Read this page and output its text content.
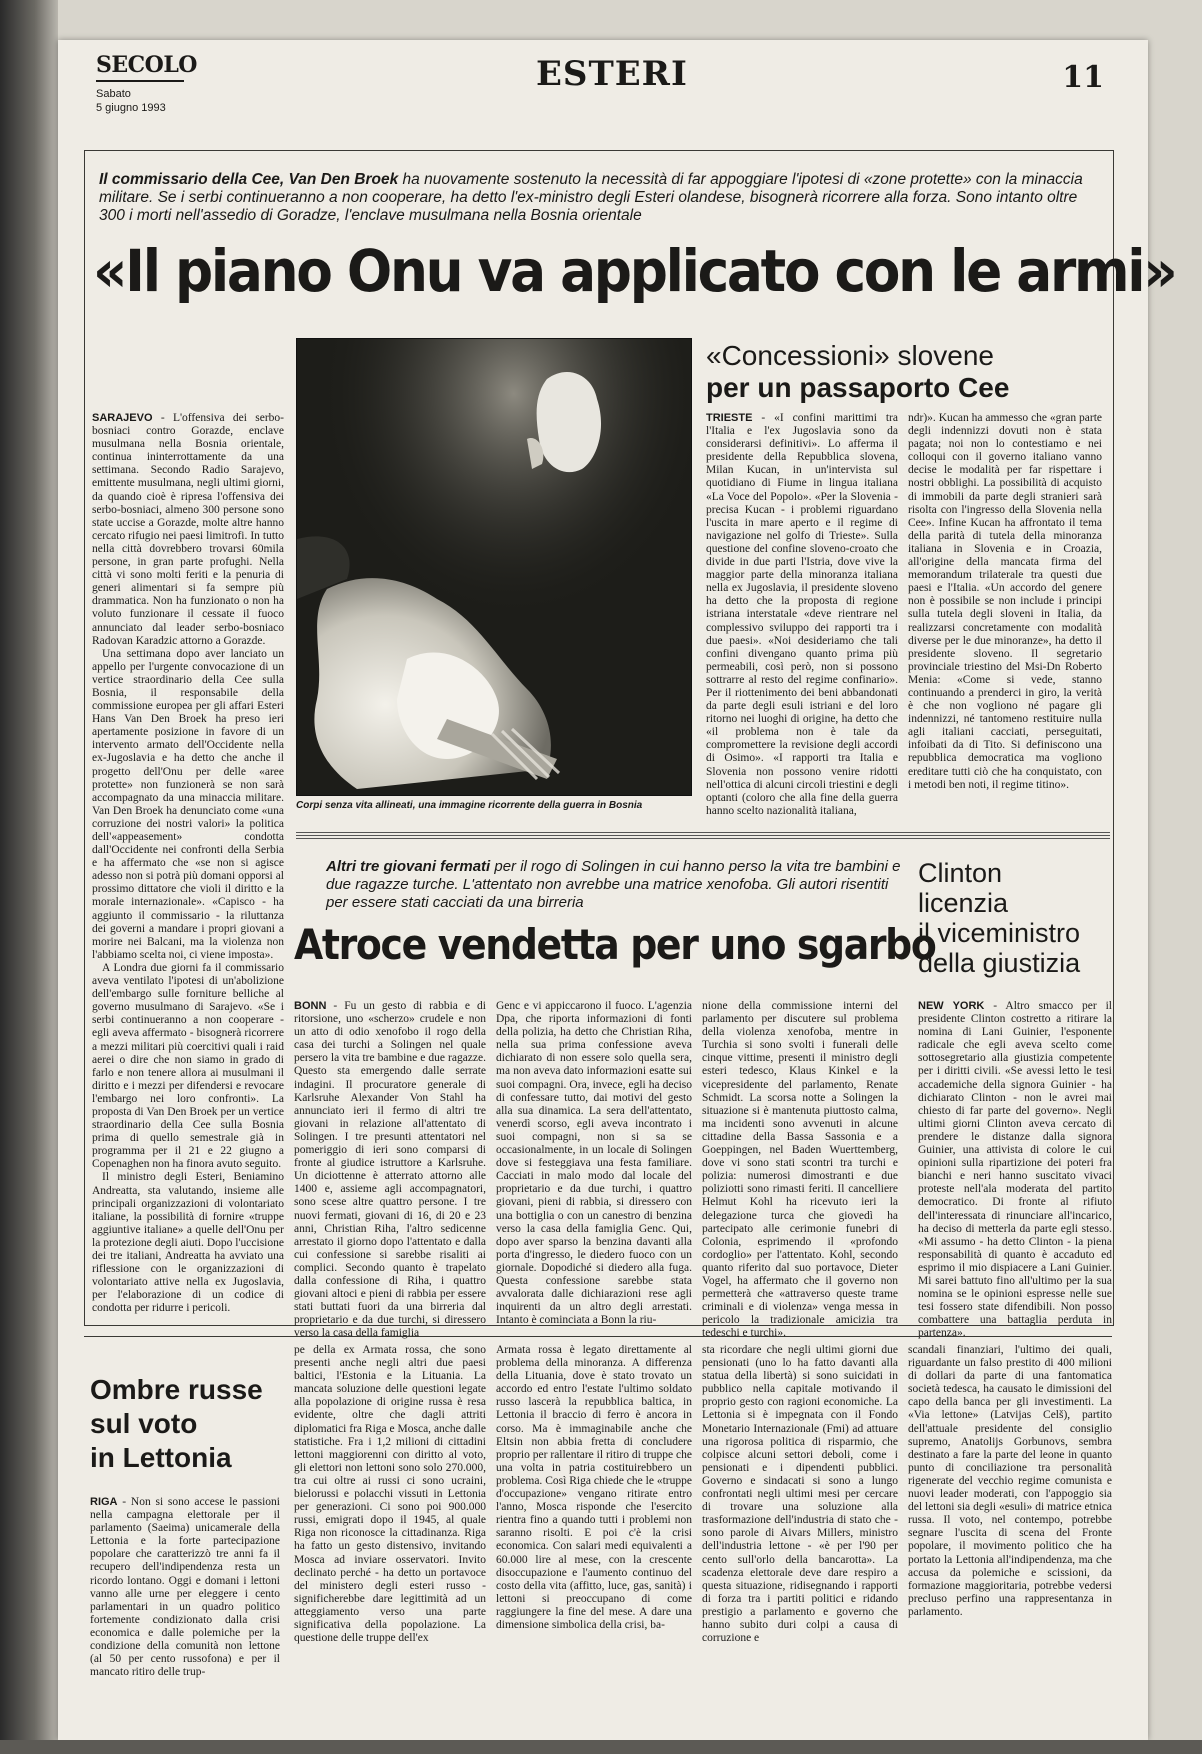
SECOLO
Sabato
5 giugno 1993
ESTERI	11
Il commissario della Cee, Van Den Broek ha nuovamente sostenuto la necessità di far appoggiare l'ipotesi di «zone protette» con la minaccia militare. Se i serbi continueranno a non cooperare, ha detto l'ex-ministro degli Esteri olandese, bisognerà ricorrere alla forza. Sono intanto oltre 300 i morti nell'assedio di Goradze, l'enclave musulmana nella Bosnia orientale
«Il piano Onu va applicato con le armi»

SARAJEVO - L'offensiva dei serbo-bosniaci contro Gorazde, enclave musulmana nella Bosnia orientale, continua ininterrottamente da una settimana. Secondo Radio Sarajevo, emittente musulmana, negli ultimi giorni, da quando cioè è ripresa l'offensiva dei serbo-bosniaci, almeno 300 persone sono state uccise a Gorazde, molte altre hanno cercato rifugio nei paesi limitrofi. In tutto nella città dovrebbero trovarsi 60mila persone, in gran parte profughi. Nella città vi sono molti feriti e la penuria di generi alimentari si fa sempre più drammatica. Non ha funzionato o non ha voluto funzionare il cessate il fuoco annunciato dal leader serbo-bosniaco Radovan Karadzic attorno a Gorazde.

Una settimana dopo aver lanciato un appello per l'urgente convocazione di un vertice straordinario della Cee sulla Bosnia, il responsabile della commissione europea per gli affari Esteri Hans Van Den Broek ha preso ieri apertamente posizione in favore di un intervento armato dell'Occidente nella ex-Jugoslavia e ha detto che anche il progetto dell'Onu per delle «aree protette» non funzionerà se non sarà accompagnato da una minaccia militare. Van Den Broek ha denunciato come «una corruzione dei nostri valori» la politica dell'«appeasement» condotta dall'Occidente nei confronti della Serbia e ha affermato che «se non si agisce adesso non si potrà più domani opporsi al prossimo dittatore che violi il diritto e la morale internazionale». «Capisco - ha aggiunto il commissario - la riluttanza dei governi a mandare i propri giovani a morire nei Balcani, ma la violenza non l'abbiamo scelta noi, ci viene imposta».

A Londra due giorni fa il commissario aveva ventilato l'ipotesi di un'abolizione dell'embargo sulle forniture belliche al governo musulmano di Sarajevo. «Se i serbi continueranno a non cooperare - egli aveva affermato - bisognerà ricorrere a mezzi militari più coercitivi quali i raid aerei o dire che non siamo in grado di farlo e non tenere allora ai musulmani il diritto e i mezzi per difendersi e revocare l'embargo nei loro confronti». La proposta di Van Den Broek per un vertice straordinario della Cee sulla Bosnia prima di quello semestrale già in programma per il 21 e 22 giugno a Copenaghen non ha finora avuto seguito.

Il ministro degli Esteri, Beniamino Andreatta, sta valutando, insieme alle principali organizzazioni di volontariato italiane, la possibilità di fornire «truppe aggiuntive italiane» a quelle dell'Onu per la protezione degli aiuti. Dopo l'uccisione dei tre italiani, Andreatta ha avviato una riflessione con le organizzazioni di volontariato attive nella ex Jugoslavia, per l'elaborazione di un codice di condotta per ridurre i pericoli.

Corpi senza vita allineati, una immagine ricorrente della guerra in Bosnia
«Concessioni» slovene
per un passaporto Cee

TRIESTE - «I confini marittimi tra l'Italia e l'ex Jugoslavia sono da considerarsi definitivi». Lo afferma il presidente della Repubblica slovena, Milan Kucan, in un'intervista sul quotidiano di Fiume in lingua italiana «La Voce del Popolo». «Per la Slovenia - precisa Kucan - i problemi riguardano l'uscita in mare aperto e il regime di navigazione nel golfo di Trieste». Sulla questione del confine sloveno-croato che divide in due parti l'Istria, dove vive la maggior parte della minoranza italiana nella ex Jugoslavia, il presidente sloveno ha detto che la proposta di regione istriana interstatale «deve rientrare nel complessivo sviluppo dei rapporti tra i due paesi». «Noi desideriamo che tali confini divengano quanto prima più permeabili, così però, non si possono sottrarre al resto del regime confinario». Per il riottenimento dei beni abbandonati da parte degli esuli istriani e del loro ritorno nei luoghi di origine, ha detto che «il problema non è tale da compromettere la revisione degli accordi di Osimo». «I rapporti tra Italia e Slovenia non possono venire ridotti nell'ottica di alcuni circoli triestini e degli optanti (coloro che alla fine della guerra hanno scelto nazionalità italiana,

ndr)». Kucan ha ammesso che «gran parte degli indennizzi dovuti non è stata pagata; noi non lo contestiamo e nei colloqui con il governo italiano vanno decise le modalità per far rispettare i nostri obblighi. La possibilità di acquisto di immobili da parte degli stranieri sarà risolta con l'ingresso della Slovenia nella Cee». Infine Kucan ha affrontato il tema della parità di tutela della minoranza italiana in Slovenia e in Croazia, all'origine della mancata firma del memorandum trilaterale tra questi due paesi e l'Italia. «Un accordo del genere non è possibile se non include i principi sulla tutela degli sloveni in Italia, da realizzarsi concretamente con modalità diverse per le due minoranze», ha detto il presidente sloveno. Il segretario provinciale triestino del Msi-Dn Roberto Menia: «Come si vede, stanno continuando a prenderci in giro, la verità è che non vogliono né pagare gli indennizzi, né tantomeno restituire nulla agli italiani cacciati, perseguitati, infoibati da di Tito. Si definiscono una repubblica democratica ma vogliono ereditare tutti ciò che ha conquistato, con i metodi ben noti, il regime titino».

Altri tre giovani fermati per il rogo di Solingen in cui hanno perso la vita tre bambini e due ragazze turche. L'attentato non avrebbe una matrice xenofoba. Gli autori risentiti per essere stati cacciati da una birreria
Atroce vendetta per uno sgarbo

BONN - Fu un gesto di rabbia e di ritorsione, uno «scherzo» crudele e non un atto di odio xenofobo il rogo della casa dei turchi a Solingen nel quale persero la vita tre bambine e due ragazze. Questo sta emergendo dalle serrate indagini. Il procuratore generale di Karlsruhe Alexander Von Stahl ha annunciato ieri il fermo di altri tre giovani in relazione all'attentato di Solingen. I tre presunti attentatori nel pomeriggio di ieri sono comparsi di fronte al giudice istruttore a Karlsruhe. Un diciottenne è atterrato attorno alle 1400 e, assieme agli accompagnatori, sono scese altre quattro persone. I tre nuovi fermati, giovani di 16, di 20 e 23 anni, Christian Riha, l'altro sedicenne arrestato il giorno dopo l'attentato e dalla cui confessione si sarebbe risaliti ai complici. Secondo quanto è trapelato dalla confessione di Riha, i quattro giovani altoci e pieni di rabbia per essere stati buttati fuori da una birreria dal proprietario e da due turchi, si diressero verso la casa della famiglia

Genc e vi appiccarono il fuoco. L'agenzia Dpa, che riporta informazioni di fonti della polizia, ha detto che Christian Riha, nella sua prima confessione aveva dichiarato di non essere solo quella sera, ma non aveva dato informazioni esatte sui suoi compagni. Ora, invece, egli ha deciso di confessare tutto, dai motivi del gesto alla sua dinamica. La sera dell'attentato, venerdì scorso, egli aveva incontrato i suoi compagni, non si sa se occasionalmente, in un locale di Solingen dove si festeggiava una festa familiare. Cacciati in malo modo dal locale del proprietario e da due turchi, i quattro giovani, pieni di rabbia, si diressero con una bottiglia o con un canestro di benzina verso la casa della famiglia Genc. Qui, dopo aver sparso la benzina davanti alla porta d'ingresso, le diedero fuoco con un giornale. Dopodiché si diedero alla fuga. Questa confessione sarebbe stata avvalorata dalle dichiarazioni rese agli inquirenti da un altro degli arrestati. Intanto è cominciata a Bonn la riu-

nione della commissione interni del parlamento per discutere sul problema della violenza xenofoba, mentre in Turchia si sono svolti i funerali delle cinque vittime, presenti il ministro degli esteri tedesco, Klaus Kinkel e la vicepresidente del parlamento, Renate Schmidt. La scorsa notte a Solingen la situazione si è mantenuta piuttosto calma, ma incidenti sono avvenuti in alcune cittadine della Bassa Sassonia e a Goeppingen, nel Baden Wuerttemberg, dove vi sono stati scontri tra turchi e polizia: numerosi dimostranti e due poliziotti sono rimasti feriti. Il cancelliere Helmut Kohl ha ricevuto ieri la delegazione turca che giovedì ha partecipato alle cerimonie funebri di Colonia, esprimendo il «profondo cordoglio» per l'attentato. Kohl, secondo quanto riferito dal suo portavoce, Dieter Vogel, ha affermato che il governo non permetterà che «attraverso queste trame criminali e di violenza» venga messa in pericolo la tradizionale amicizia tra tedeschi e turchi».

Clinton
licenzia
il viceministro
della giustizia

NEW YORK - Altro smacco per il presidente Clinton costretto a ritirare la nomina di Lani Guinier, l'esponente radicale che egli aveva scelto come sottosegretario alla giustizia competente per i diritti civili. «Se avessi letto le tesi accademiche della signora Guinier - ha dichiarato Clinton - non le avrei mai chiesto di far parte del governo». Negli ultimi giorni Clinton aveva cercato di prendere le distanze dalla signora Guinier, una attivista di colore le cui opinioni sulla ripartizione dei poteri fra bianchi e neri hanno suscitato vivaci proteste nell'ala moderata del partito democratico. Di fronte al rifiuto dell'interessata di rinunciare all'incarico, ha deciso di metterla da parte egli stesso. «Mi assumo - ha detto Clinton - la piena responsabilità di quanto è accaduto ed esprimo il mio dispiacere a Lani Guinier. Mi sarei battuto fino all'ultimo per la sua nomina se le opinioni espresse nelle sue tesi fossero state difendibili. Non posso combattere una battaglia perduta in partenza».

Ombre russe
sul voto
in Lettonia

RIGA - Non si sono accese le passioni nella campagna elettorale per il parlamento (Saeima) unicamerale della Lettonia e la forte partecipazione popolare che caratterizzò tre anni fa il recupero dell'indipendenza resta un ricordo lontano. Oggi e domani i lettoni vanno alle urne per eleggere i cento parlamentari in un quadro politico fortemente condizionato dalla crisi economica e dalle polemiche per la condizione della comunità non lettone (al 50 per cento russofona) e per il mancato ritiro delle trup-

pe della ex Armata rossa, che sono presenti anche negli altri due paesi baltici, l'Estonia e la Lituania. La mancata soluzione delle questioni legate alla popolazione di origine russa è resa evidente, oltre che dagli attriti diplomatici fra Riga e Mosca, anche dalle statistiche. Fra i 1,2 milioni di cittadini lettoni maggiorenni con diritto al voto, gli elettori non lettoni sono solo 270.000, tra cui oltre ai russi ci sono ucraini, bielorussi e polacchi vissuti in Lettonia per generazioni. Ci sono poi 900.000 russi, emigrati dopo il 1945, al quale Riga non riconosce la cittadinanza. Riga ha fatto un gesto distensivo, invitando Mosca ad inviare osservatori. Invito declinato perché - ha detto un portavoce del ministero degli esteri russo - significherebbe dare legittimità ad un atteggiamento verso una parte significativa della popolazione. La questione delle truppe dell'ex

Armata rossa è legato direttamente al problema della minoranza. A differenza della Lituania, dove è stato trovato un accordo ed entro l'estate l'ultimo soldato russo lascerà la repubblica baltica, in Lettonia il braccio di ferro è ancora in corso. Ma è immaginabile anche che Eltsin non abbia fretta di concludere proprio per rallentare il ritiro di truppe che una volta in patria costituirebbero un problema. Così Riga chiede che le «truppe d'occupazione» vengano ritirate entro l'anno, Mosca risponde che l'esercito rientra fino a quando tutti i problemi non saranno risolti. E poi c'è la crisi economica. Con salari medi equivalenti a 60.000 lire al mese, con la crescente disoccupazione e l'aumento continuo del costo della vita (affitto, luce, gas, sanità) i lettoni si preoccupano di come raggiungere la fine del mese. A dare una dimensione simbolica della crisi, ba-

sta ricordare che negli ultimi giorni due pensionati (uno lo ha fatto davanti alla statua della libertà) si sono suicidati in pubblico nella capitale motivando il proprio gesto con ragioni economiche. La Lettonia si è impegnata con il Fondo Monetario Internazionale (Fmi) ad attuare una rigorosa politica di risparmio, che colpisce alcuni settori deboli, come i pensionati e i dipendenti pubblici. Governo e sindacati si sono a lungo confrontati negli ultimi mesi per cercare di trovare una soluzione alla trasformazione dell'industria di stato che - sono parole di Aivars Millers, ministro dell'industria lettone - «è per l'90 per cento sull'orlo della bancarotta». La scadenza elettorale deve dare respiro a questa situazione, ridisegnando i rapporti di forza tra i partiti politici e ridando prestigio a parlamento e governo che hanno subito duri colpi a causa di corruzione e

scandali finanziari, l'ultimo dei quali, riguardante un falso prestito di 400 milioni di dollari da parte di una fantomatica società tedesca, ha causato le dimissioni del capo della banca per gli investimenti. La «Via lettone» (Latvijas Celš), partito dell'attuale presidente del consiglio supremo, Anatolijs Gorbunovs, sembra destinato a fare la parte del leone in quanto punto di conciliazione tra personalità rigenerate del vecchio regime comunista e nuovi leader moderati, con l'appoggio sia del lettoni sia degli «esuli» di matrice etnica russa. Il voto, nel contempo, potrebbe segnare l'uscita di scena del Fronte popolare, il movimento politico che ha portato la Lettonia all'indipendenza, ma che accusa da polemiche e scissioni, da formazione maggioritaria, potrebbe vedersi precluso perfino una rappresentanza in parlamento.
